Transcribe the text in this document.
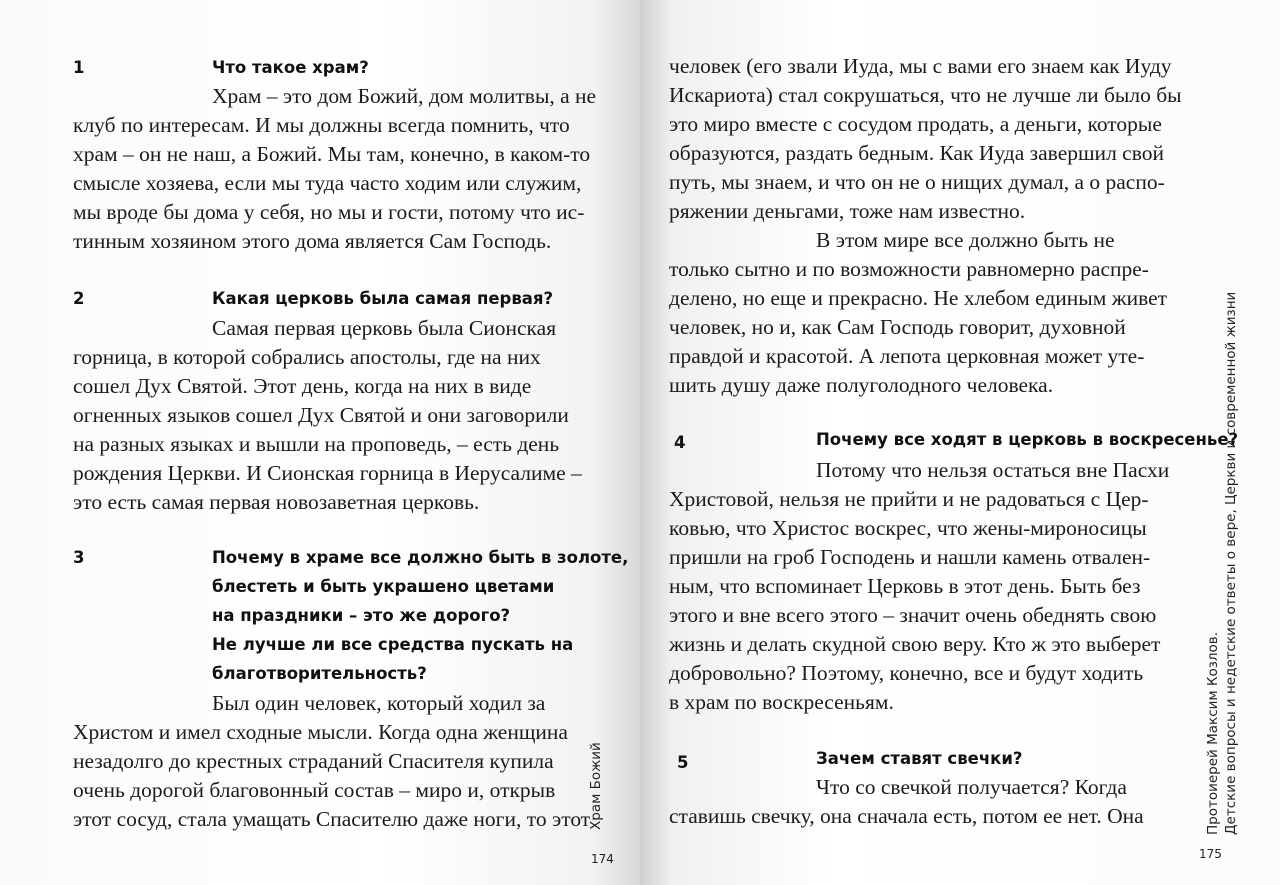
1	Что такое храм?
Храм – это дом Божий, дом молитвы, а не
клуб по интересам. И мы должны всегда помнить, что
храм – он не наш, а Божий. Мы там, конечно, в каком-то
смысле хозяева, если мы туда часто ходим или служим,
мы вроде бы дома у себя, но мы и гости, потому что ис-
тинным хозяином этого дома является Сам Господь.
2	Какая церковь была самая первая?
Самая первая церковь была Сионская
горница, в которой собрались апостолы, где на них
сошел Дух Святой. Этот день, когда на них в виде
огненных языков сошел Дух Святой и они заговорили
на разных языках и вышли на проповедь, – есть день
рождения Церкви. И Сионская горница в Иерусалиме –
это есть самая первая новозаветная церковь.
3	Почему в храме все должно быть в золоте,
блестеть и быть украшено цветами
на праздники – это же дорого?
Не лучше ли все средства пускать на
благотворительность?
Был один человек, который ходил за
Христом и имел сходные мысли. Когда одна женщина
незадолго до крестных страданий Спасителя купила
очень дорогой благовонный состав – миро и, открыв
этот сосуд, стала умащать Спасителю даже ноги, то этот
Храм Божий
174
человек (его звали Иуда, мы с вами его знаем как Иуду
Искариота) стал сокрушаться, что не лучше ли было бы
это миро вместе с сосудом продать, а деньги, которые
образуются, раздать бедным. Как Иуда завершил свой
путь, мы знаем, и что он не о нищих думал, а о распо-
ряжении деньгами, тоже нам известно.
В этом мире все должно быть не
только сытно и по возможности равномерно распре-
делено, но еще и прекрасно. Не хлебом единым живет
человек, но и, как Сам Господь говорит, духовной
правдой и красотой. А лепота церковная может уте-
шить душу даже полуголодного человека.
4	Почему все ходят в церковь в воскресенье?
Потому что нельзя остаться вне Пасхи
Христовой, нельзя не прийти и не радоваться с Цер-
ковью, что Христос воскрес, что жены-мироносицы
пришли на гроб Господень и нашли камень отвален-
ным, что вспоминает Церковь в этот день. Быть без
этого и вне всего этого – значит очень обеднять свою
жизнь и делать скудной свою веру. Кто ж это выберет
добровольно? Поэтому, конечно, все и будут ходить
в храм по воскресеньям.
5	Зачем ставят свечки?
Что со свечкой получается? Когда
ставишь свечку, она сначала есть, потом ее нет. Она	Протоиерей Максим Козлов. Детские вопросы и недетские ответы о вере, Церкви и современной жизни
175
